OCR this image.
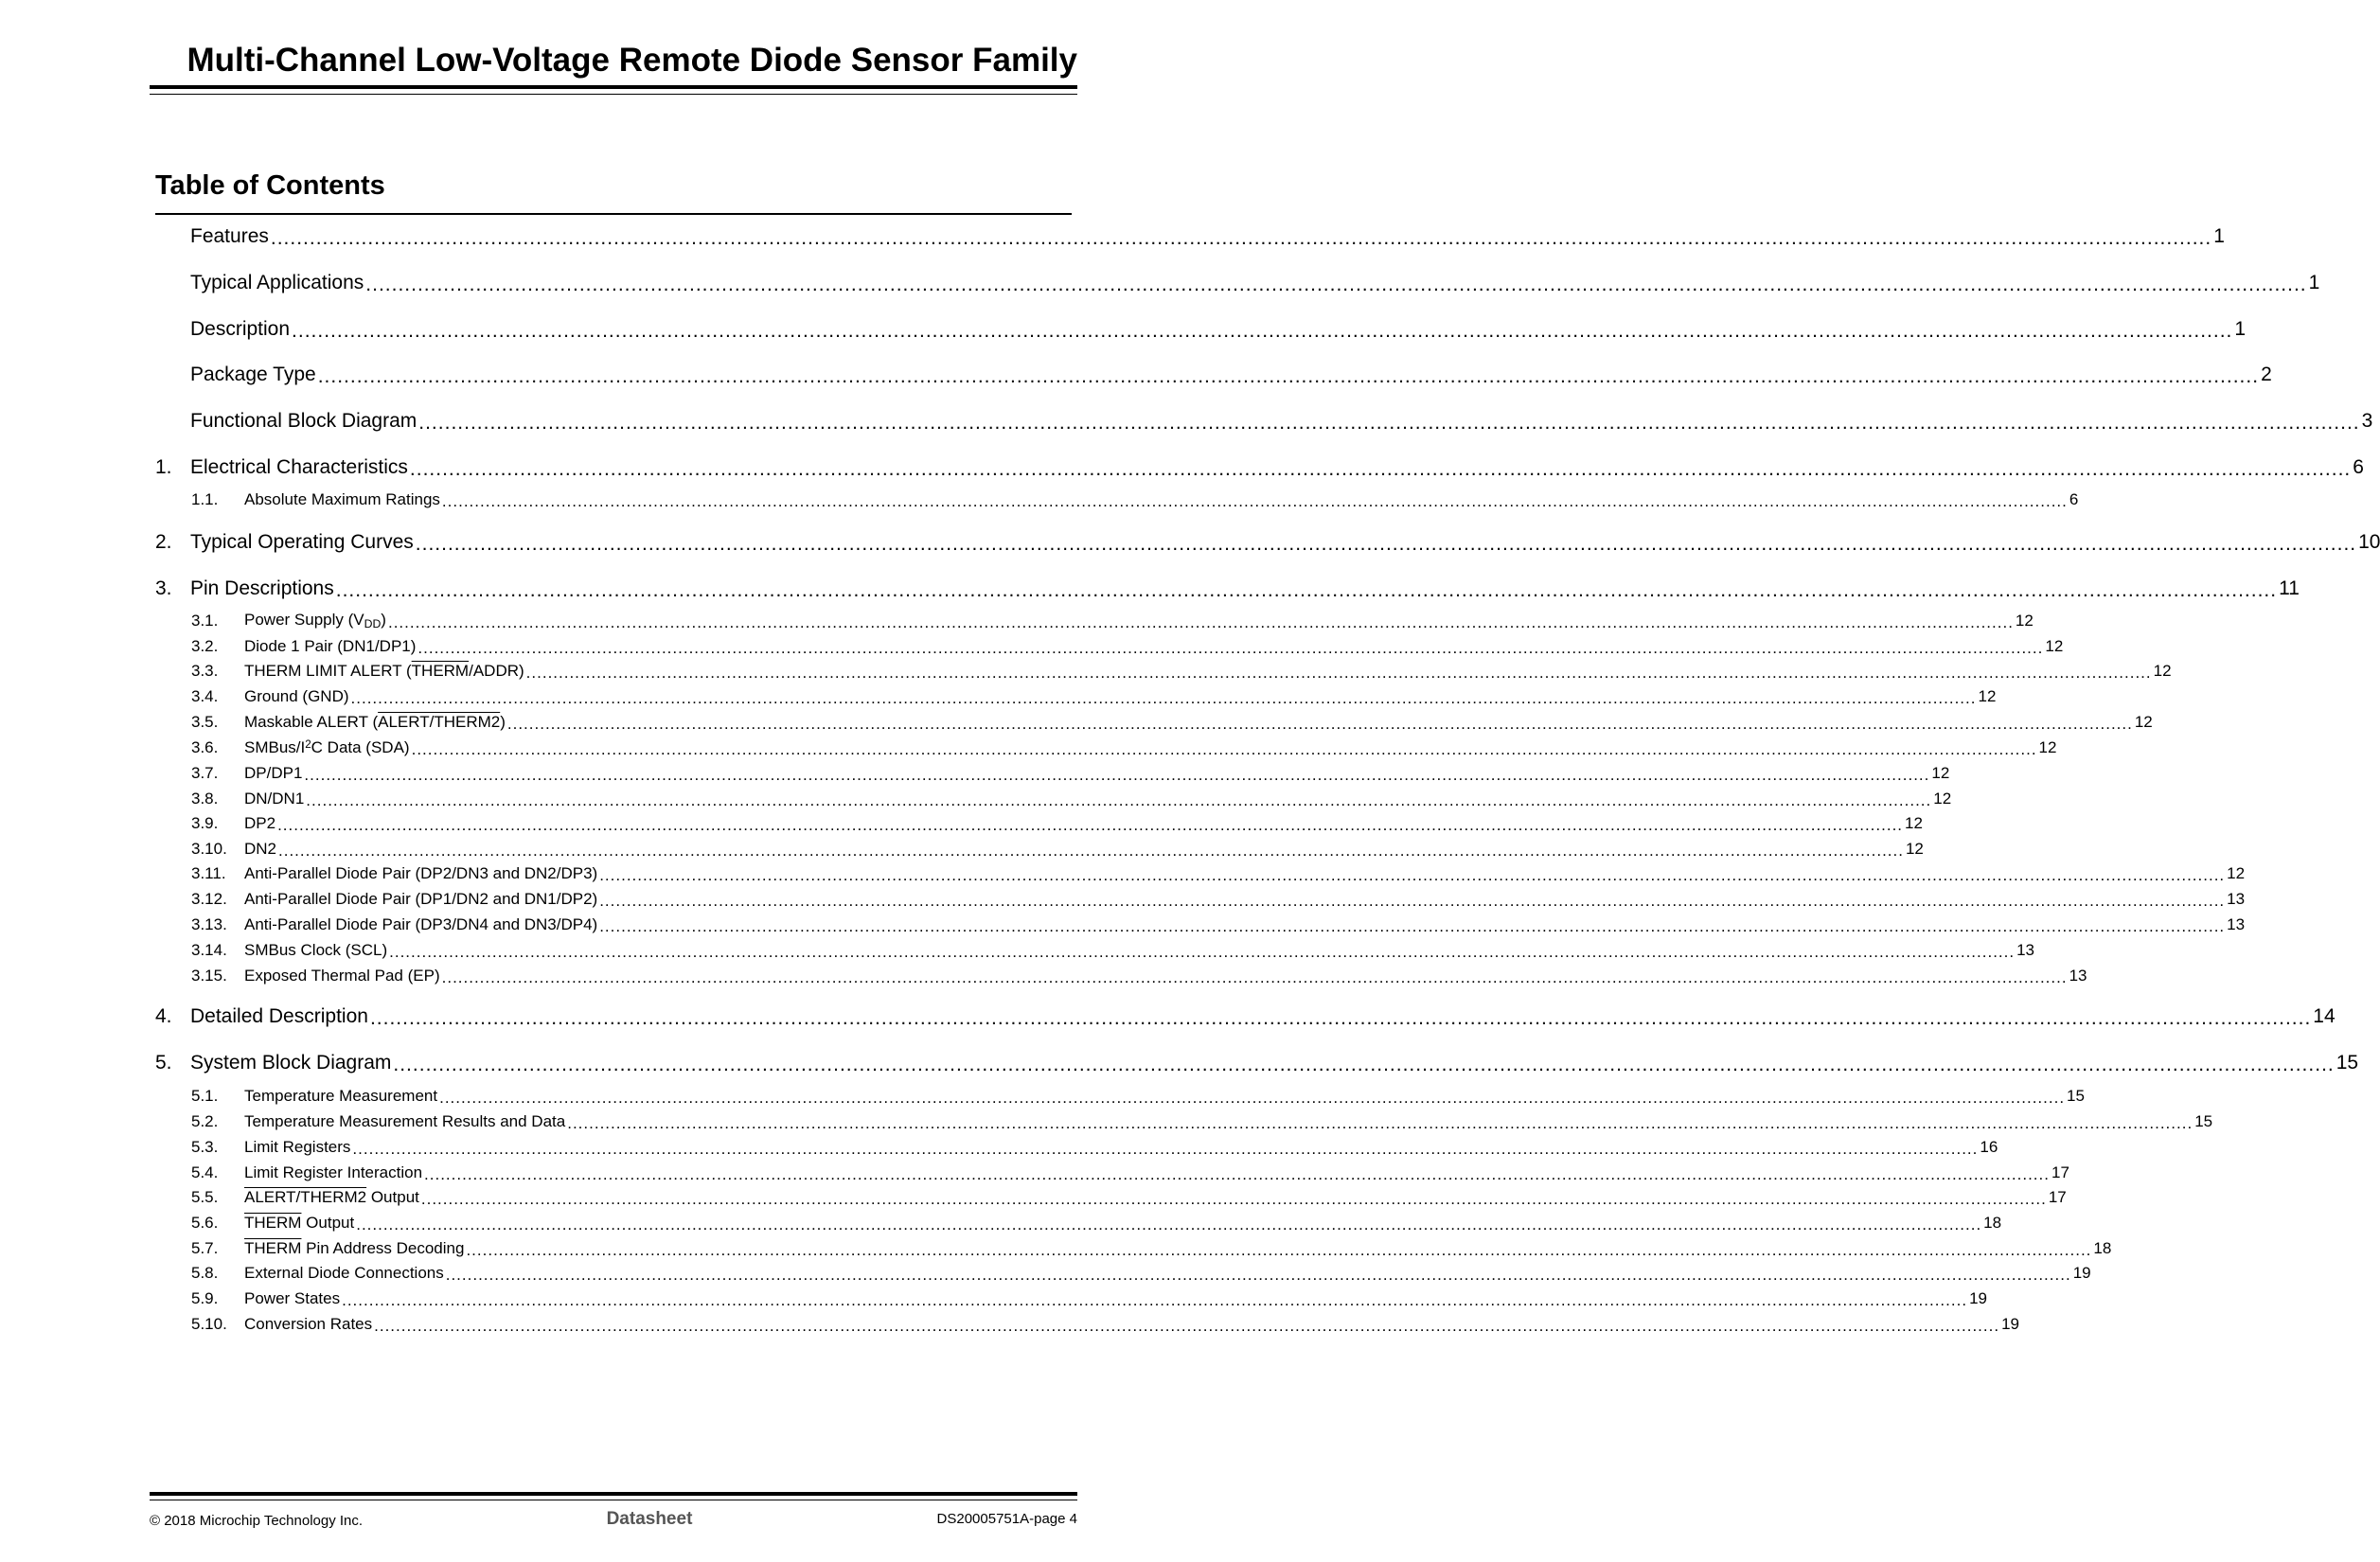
Multi-Channel Low-Voltage Remote Diode Sensor Family
Table of Contents
Features ............................................................................................................................................................................................................................................................................................................ 1
Typical Applications ............................................................................................................................................................................................................................................................................................................ 1
Description ............................................................................................................................................................................................................................................................................................................ 1
Package Type ............................................................................................................................................................................................................................................................................................................ 2
Functional Block Diagram ............................................................................................................................................................................................................................................................................................................ 3
1. Electrical Characteristics ............................................................................................................................................................................................................................................................................................................ 6
1.1.	Absolute Maximum Ratings ............................................................................................................................................................................................................................................................................................................ 6
2. Typical Operating Curves ............................................................................................................................................................................................................................................................................................................ 10
3. Pin Descriptions ............................................................................................................................................................................................................................................................................................................ 11
3.1.	Power Supply (VDD) ............................................................................................................................................................................................................................................................................................................ 12
3.2.	Diode 1 Pair (DN1/DP1) ............................................................................................................................................................................................................................................................................................................ 12
3.3.	THERM LIMIT ALERT (THERM/ADDR) ............................................................................................................................................................................................................................................................................................................ 12
3.4.	Ground (GND) ............................................................................................................................................................................................................................................................................................................ 12
3.5.	Maskable ALERT (ALERT/THERM2) ............................................................................................................................................................................................................................................................................................................ 12
3.6.	SMBus/$I^2C$ Data (SDA) ............................................................................................................................................................................................................................................................................................................ 12
3.7.	DP/DP1 ............................................................................................................................................................................................................................................................................................................ 12
3.8.	DN/DN1 ............................................................................................................................................................................................................................................................................................................ 12
3.9.	DP2 ............................................................................................................................................................................................................................................................................................................ 12
3.10.	DN2 ............................................................................................................................................................................................................................................................................................................ 12
3.11.	Anti-Parallel Diode Pair (DP2/DN3 and DN2/DP3) ............................................................................................................................................................................................................................................................................................................ 12
3.12.	Anti-Parallel Diode Pair (DP1/DN2 and DN1/DP2) ............................................................................................................................................................................................................................................................................................................ 13
3.13.	Anti-Parallel Diode Pair (DP3/DN4 and DN3/DP4) ............................................................................................................................................................................................................................................................................................................ 13
3.14.	SMBus Clock (SCL) ............................................................................................................................................................................................................................................................................................................ 13
3.15.	Exposed Thermal Pad (EP) ............................................................................................................................................................................................................................................................................................................ 13
4. Detailed Description ............................................................................................................................................................................................................................................................................................................ 14
5. System Block Diagram ............................................................................................................................................................................................................................................................................................................ 15
5.1.	Temperature Measurement ............................................................................................................................................................................................................................................................................................................ 15
5.2.	Temperature Measurement Results and Data ............................................................................................................................................................................................................................................................................................................ 15
5.3.	Limit Registers ............................................................................................................................................................................................................................................................................................................ 16
5.4.	Limit Register Interaction ............................................................................................................................................................................................................................................................................................................ 17
5.5.	ALERT/THERM2 Output ............................................................................................................................................................................................................................................................................................................ 17
5.6.	THERM Output ............................................................................................................................................................................................................................................................................................................ 18
5.7.	THERM Pin Address Decoding ............................................................................................................................................................................................................................................................................................................ 18
5.8.	External Diode Connections ............................................................................................................................................................................................................................................................................................................ 19
5.9.	Power States ............................................................................................................................................................................................................................................................................................................ 19
5.10.	Conversion Rates ............................................................................................................................................................................................................................................................................................................ 19
© 2018 Microchip Technology Inc.	Datasheet	DS20005751A-page 4
